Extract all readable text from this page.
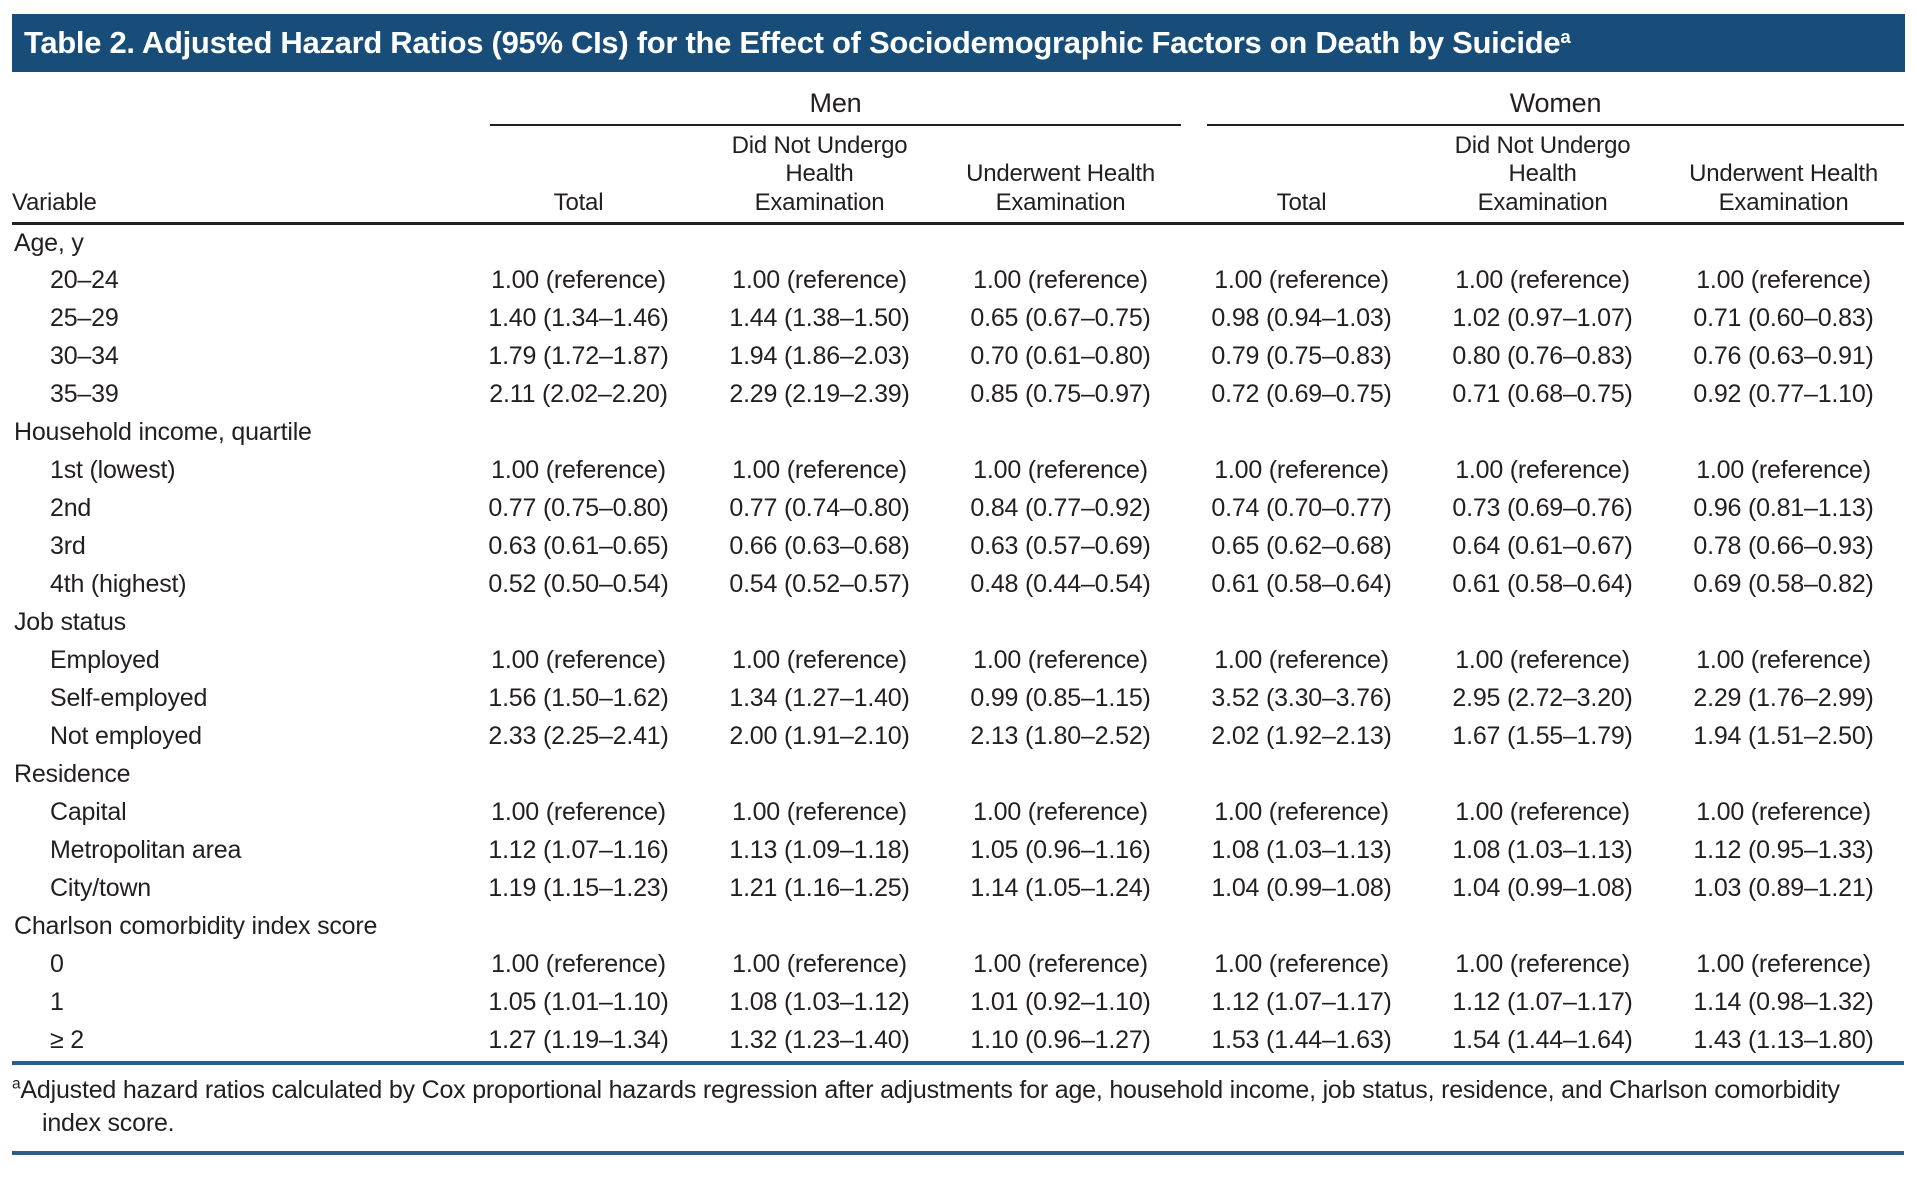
Table 2. Adjusted Hazard Ratios (95% CIs) for the Effect of Sociodemographic Factors on Death by Suicide a

	Men			Women		

Variable	Total	Did Not Undergo Health Examination	Underwent Health Examination	Total	Did Not Undergo Health Examination	Underwent Health Examination

Age, y						
20–24	1.00 (reference)	1.00 (reference)	1.00 (reference)	1.00 (reference)	1.00 (reference)	1.00 (reference)
25–29	1.40 (1.34–1.46)	1.44 (1.38–1.50)	0.65 (0.67–0.75)	0.98 (0.94–1.03)	1.02 (0.97–1.07)	0.71 (0.60–0.83)
30–34	1.79 (1.72–1.87)	1.94 (1.86–2.03)	0.70 (0.61–0.80)	0.79 (0.75–0.83)	0.80 (0.76–0.83)	0.76 (0.63–0.91)
35–39	2.11 (2.02–2.20)	2.29 (2.19–2.39)	0.85 (0.75–0.97)	0.72 (0.69–0.75)	0.71 (0.68–0.75)	0.92 (0.77–1.10)
Household income, quartile						
1st (lowest)	1.00 (reference)	1.00 (reference)	1.00 (reference)	1.00 (reference)	1.00 (reference)	1.00 (reference)
2nd	0.77 (0.75–0.80)	0.77 (0.74–0.80)	0.84 (0.77–0.92)	0.74 (0.70–0.77)	0.73 (0.69–0.76)	0.96 (0.81–1.13)
3rd	0.63 (0.61–0.65)	0.66 (0.63–0.68)	0.63 (0.57–0.69)	0.65 (0.62–0.68)	0.64 (0.61–0.67)	0.78 (0.66–0.93)
4th (highest)	0.52 (0.50–0.54)	0.54 (0.52–0.57)	0.48 (0.44–0.54)	0.61 (0.58–0.64)	0.61 (0.58–0.64)	0.69 (0.58–0.82)
Job status						
Employed	1.00 (reference)	1.00 (reference)	1.00 (reference)	1.00 (reference)	1.00 (reference)	1.00 (reference)
Self-employed	1.56 (1.50–1.62)	1.34 (1.27–1.40)	0.99 (0.85–1.15)	3.52 (3.30–3.76)	2.95 (2.72–3.20)	2.29 (1.76–2.99)
Not employed	2.33 (2.25–2.41)	2.00 (1.91–2.10)	2.13 (1.80–2.52)	2.02 (1.92–2.13)	1.67 (1.55–1.79)	1.94 (1.51–2.50)
Residence						
Capital	1.00 (reference)	1.00 (reference)	1.00 (reference)	1.00 (reference)	1.00 (reference)	1.00 (reference)
Metropolitan area	1.12 (1.07–1.16)	1.13 (1.09–1.18)	1.05 (0.96–1.16)	1.08 (1.03–1.13)	1.08 (1.03–1.13)	1.12 (0.95–1.33)
City/town	1.19 (1.15–1.23)	1.21 (1.16–1.25)	1.14 (1.05–1.24)	1.04 (0.99–1.08)	1.04 (0.99–1.08)	1.03 (0.89–1.21)
Charlson comorbidity index score						
0	1.00 (reference)	1.00 (reference)	1.00 (reference)	1.00 (reference)	1.00 (reference)	1.00 (reference)
1	1.05 (1.01–1.10)	1.08 (1.03–1.12)	1.01 (0.92–1.10)	1.12 (1.07–1.17)	1.12 (1.07–1.17)	1.14 (0.98–1.32)
≥ 2	1.27 (1.19–1.34)	1.32 (1.23–1.40)	1.10 (0.96–1.27)	1.53 (1.44–1.63)	1.54 (1.44–1.64)	1.43 (1.13–1.80)
$^a$Adjusted hazard ratios calculated by Cox proportional hazards regression after adjustments for age, household income, job status, residence, and Charlson comorbidity index score.
